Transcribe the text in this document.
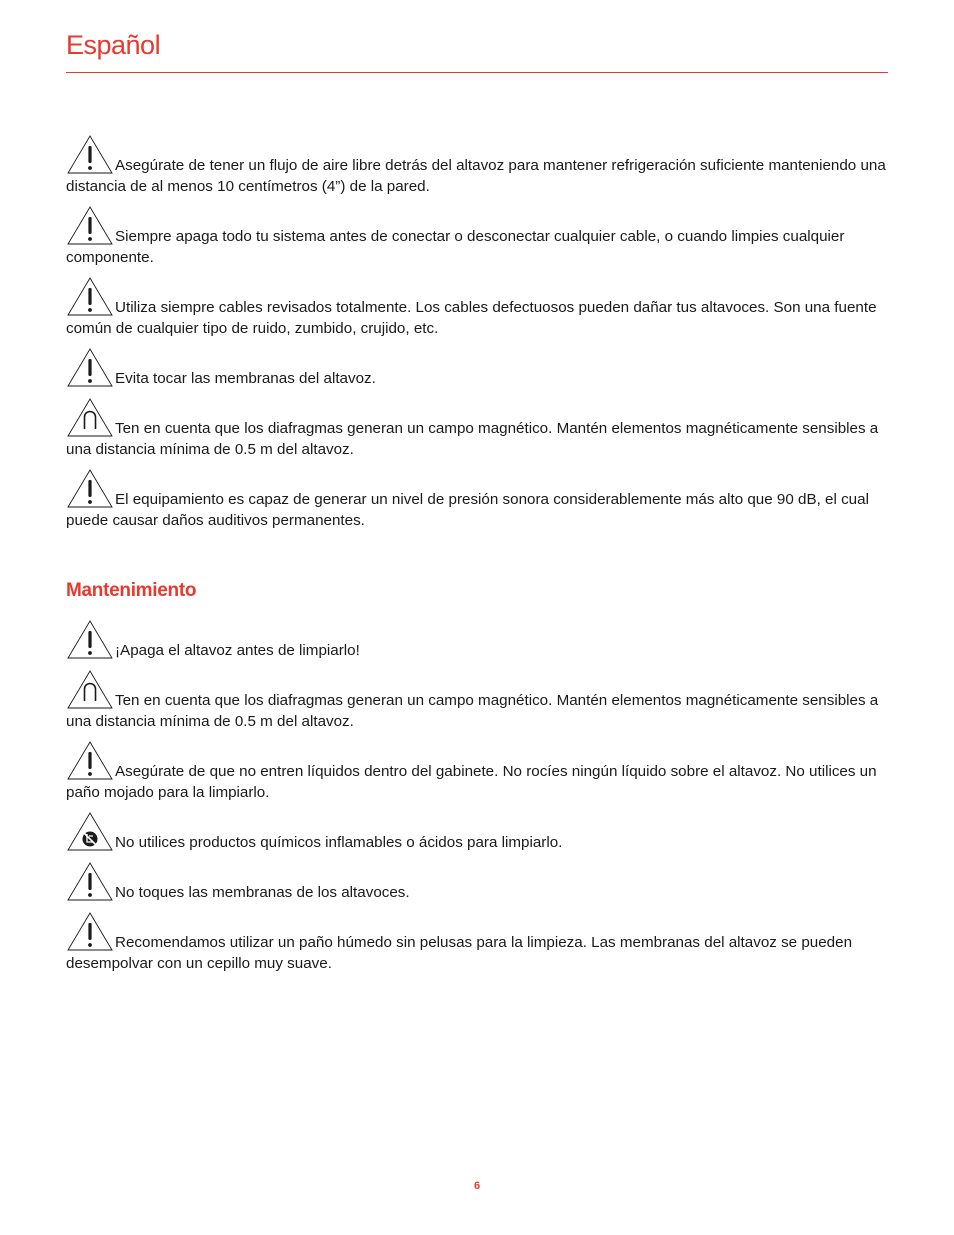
Español

Asegúrate de tener un flujo de aire libre detrás del altavoz para mantener refrigeración suficiente manteniendo una distancia de al menos 10 centímetros (4”) de la pared.

Siempre apaga todo tu sistema antes de conectar o desconectar cualquier cable, o cuando limpies cualquier componente.

Utiliza siempre cables revisados totalmente. Los cables defectuosos pueden dañar tus altavoces. Son una fuente común de cualquier tipo de ruido, zumbido, crujido, etc.

Evita tocar las membranas del altavoz.

Ten en cuenta que los diafragmas generan un campo magnético. Mantén elementos magnéticamente sensibles a una distancia mínima de 0.5 m del altavoz.

El equipamiento es capaz de generar un nivel de presión sonora considerablemente más alto que 90 dB, el cual puede causar daños auditivos permanentes.

Mantenimiento

¡Apaga el altavoz antes de limpiarlo!

Ten en cuenta que los diafragmas generan un campo magnético. Mantén elementos magnéticamente sensibles a una distancia mínima de 0.5 m del altavoz.

Asegúrate de que no entren líquidos dentro del gabinete. No rocíes ningún líquido sobre el altavoz. No utilices un paño mojado para la limpiarlo.

No utilices productos químicos inflamables o ácidos para limpiarlo.

No toques las membranas de los altavoces.

Recomendamos utilizar un paño húmedo sin pelusas para la limpieza. Las membranas del altavoz se pueden desempolvar con un cepillo muy suave.

6
